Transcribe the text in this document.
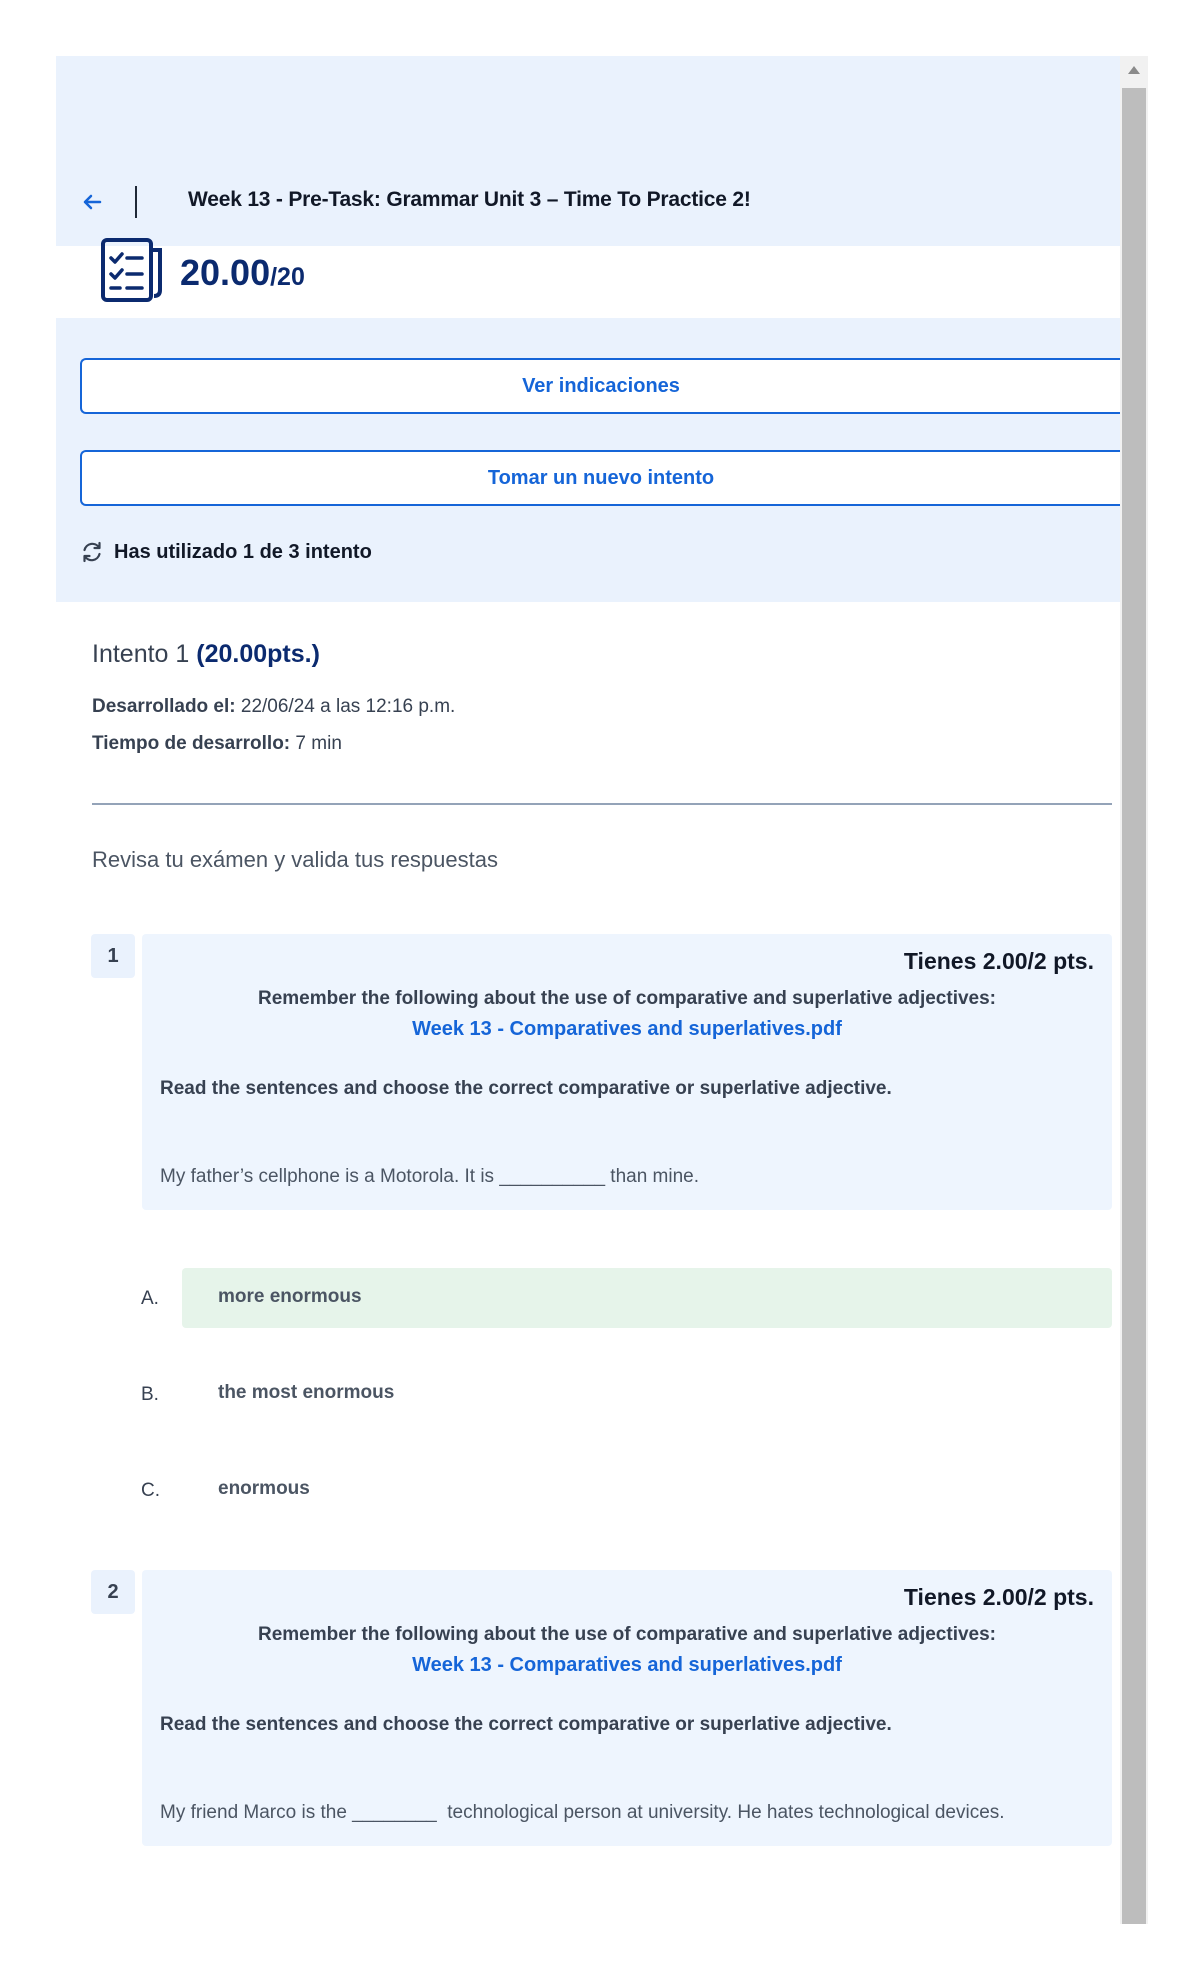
Week 13 - Pre-Task: Grammar Unit 3 – Time To Practice 2!
20.00/20
Ver indicaciones
Tomar un nuevo intento
Has utilizado 1 de 3 intento
Intento 1 (20.00pts.)
Desarrollado el: 22/06/24 a las 12:16 p.m.
Tiempo de desarrollo: 7 min
Revisa tu exámen y valida tus respuestas
1	Tienes 2.00/2 pts.
Remember the following about the use of comparative and superlative adjectives:
Week 13 - Comparatives and superlatives.pdf
Read the sentences and choose the correct comparative or superlative adjective.
My father’s cellphone is a Motorola. It is __________ than mine.
A.	more enormous
B.	the most enormous
C.	enormous
2	Tienes 2.00/2 pts.
Remember the following about the use of comparative and superlative adjectives:
Week 13 - Comparatives and superlatives.pdf
Read the sentences and choose the correct comparative or superlative adjective.
My friend Marco is the ________  technological person at university. He hates technological devices.
